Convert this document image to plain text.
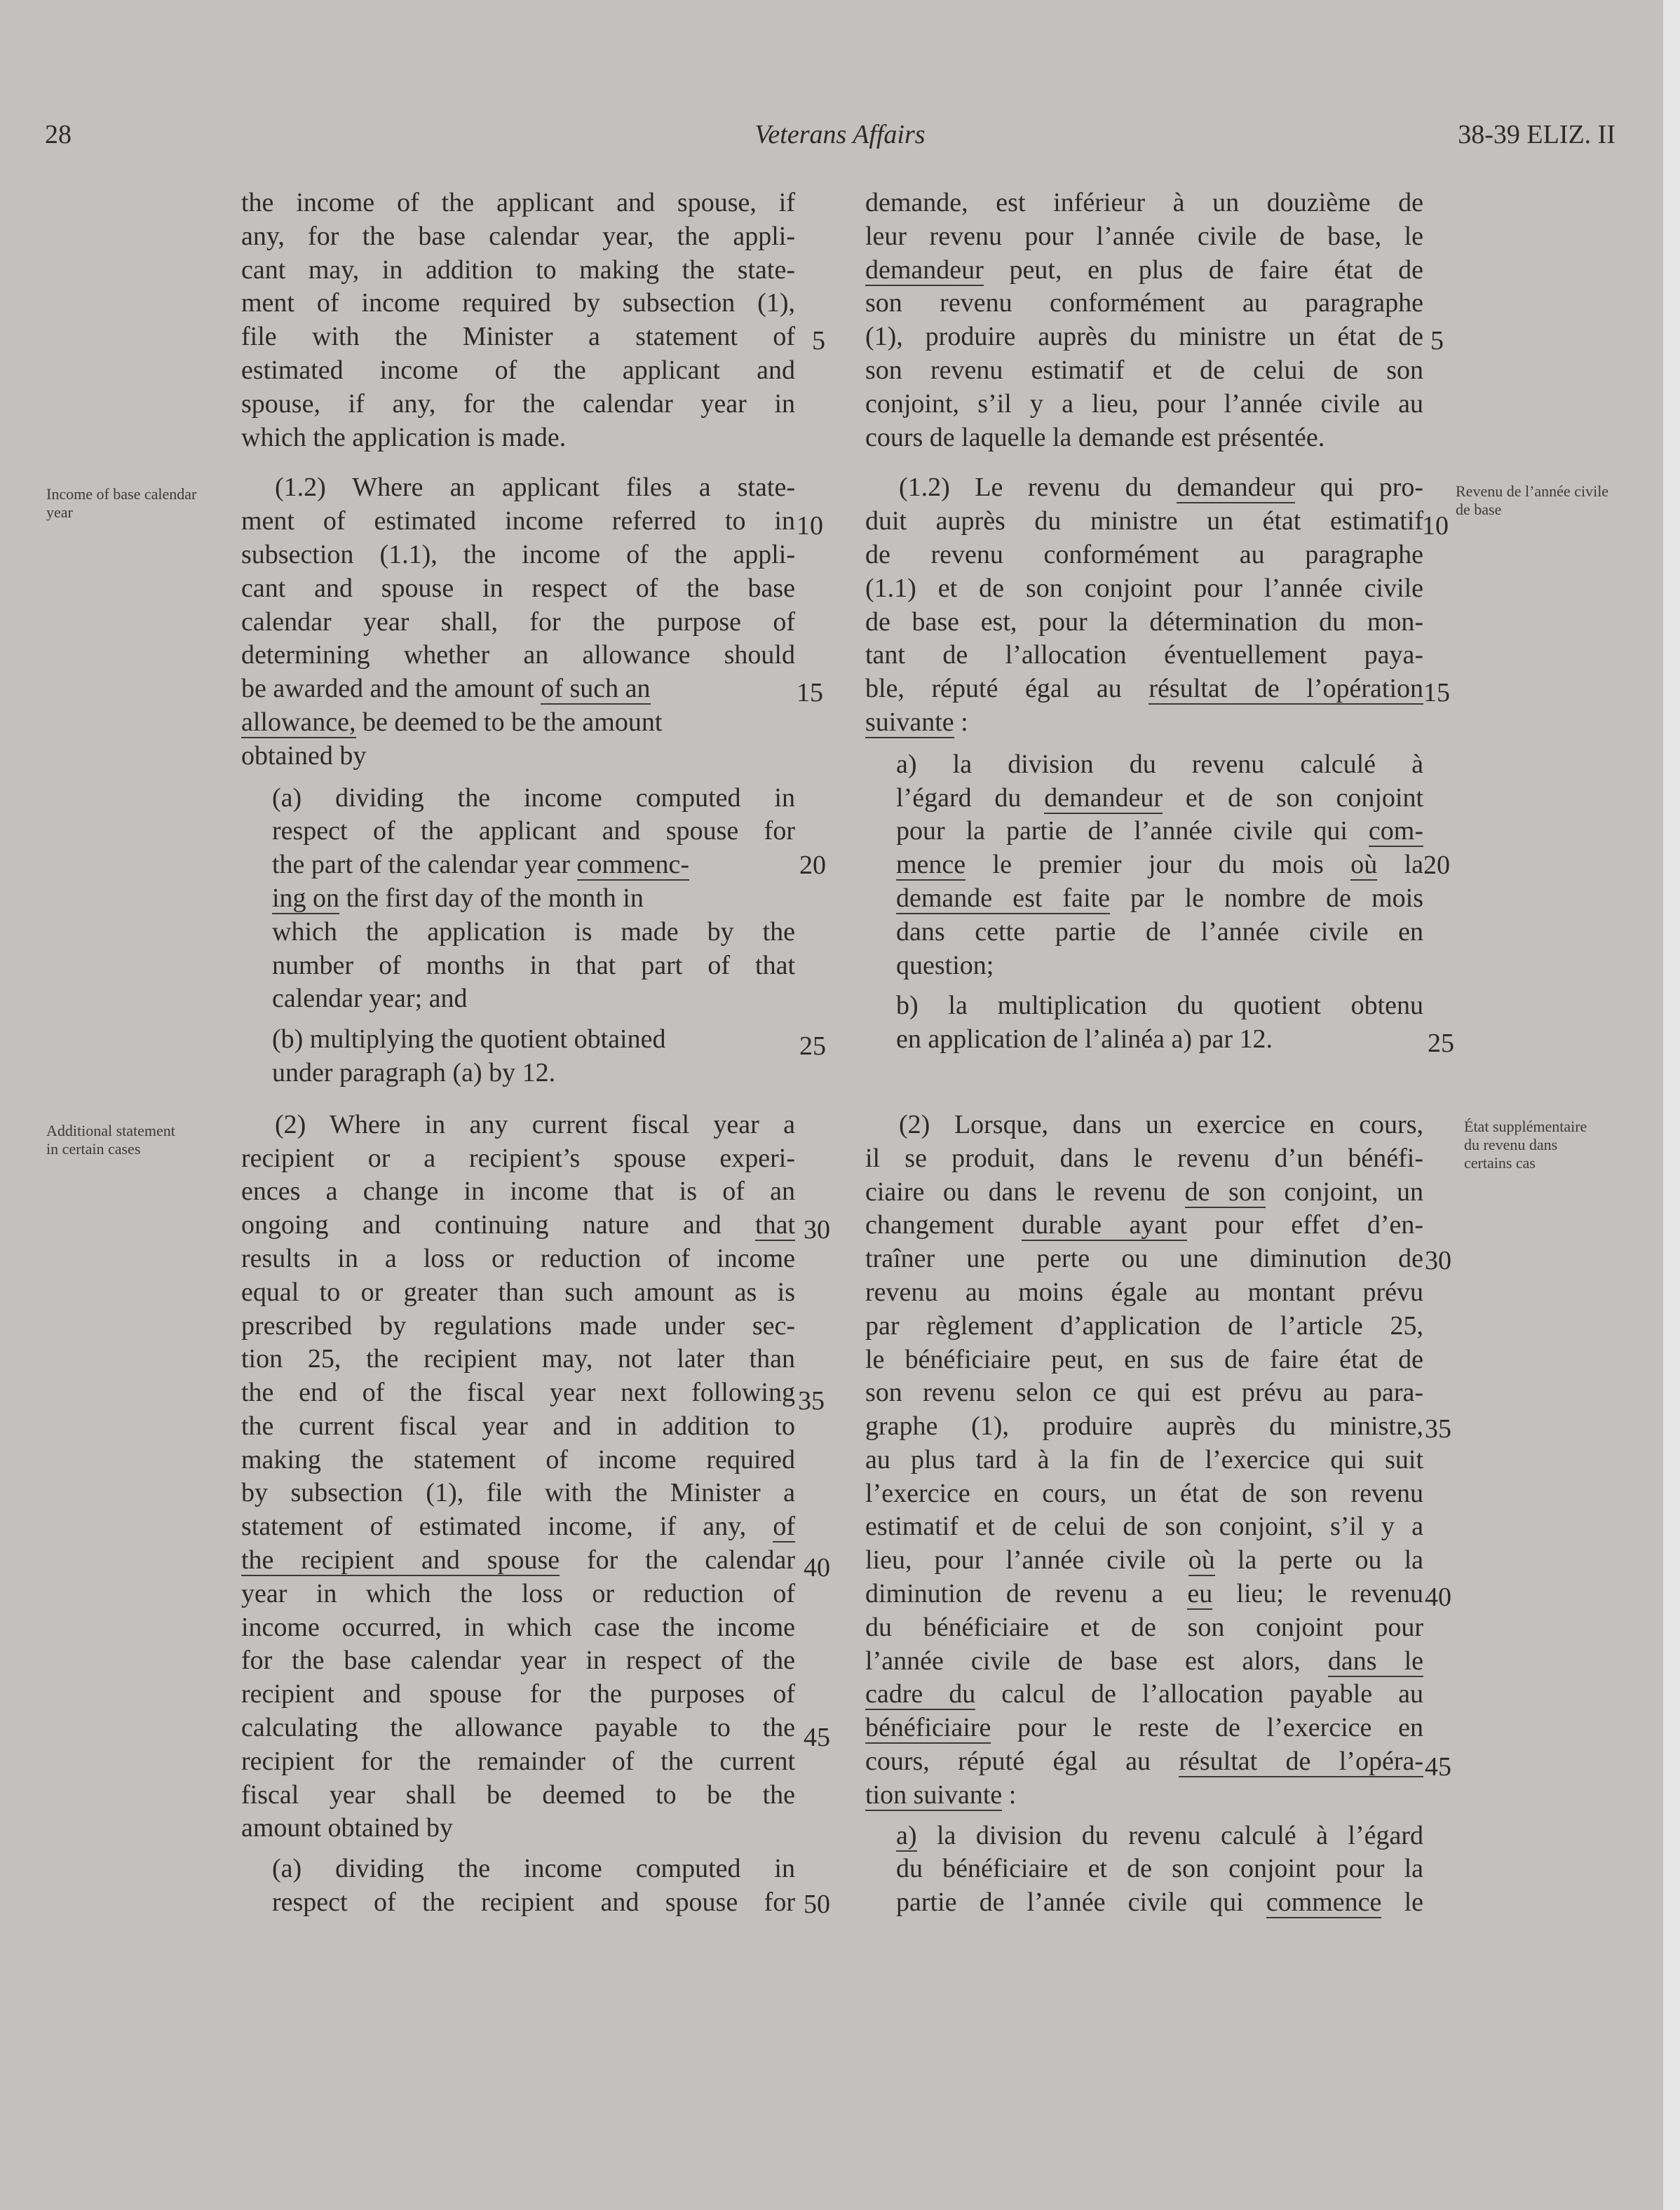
28	Veterans Affairs	38-39 ELIZ. II
Income of base calendar year
Additional statement in certain cases
Revenu de l’année civile de base
État supplémentaire du revenu dans certains cas
5
10
15
20
25
30
35
40
45
50
5
10
15
20
25
30
35
40
45
the income of the applicant and spouse, if
any, for the base calendar year, the appli-
cant may, in addition to making the state-
ment of income required by subsection (1),
file with the Minister a statement of
estimated income of the applicant and
spouse, if any, for the calendar year in
which the application is made.
(1.2) Where an applicant files a state-
ment of estimated income referred to in
subsection (1.1), the income of the appli-
cant and spouse in respect of the base
calendar year shall, for the purpose of
determining whether an allowance should
be awarded and the amount of such an
allowance, be deemed to be the amount
obtained by
(a) dividing the income computed in
respect of the applicant and spouse for
the part of the calendar year commenc-
ing on the first day of the month in
which the application is made by the
number of months in that part of that
calendar year; and
(b) multiplying the quotient obtained
under paragraph (a) by 12.
(2) Where in any current fiscal year a
recipient or a recipient’s spouse experi-
ences a change in income that is of an
ongoing and continuing nature and that
results in a loss or reduction of income
equal to or greater than such amount as is
prescribed by regulations made under sec-
tion 25, the recipient may, not later than
the end of the fiscal year next following
the current fiscal year and in addition to
making the statement of income required
by subsection (1), file with the Minister a
statement of estimated income, if any, of
the recipient and spouse for the calendar
year in which the loss or reduction of
income occurred, in which case the income
for the base calendar year in respect of the
recipient and spouse for the purposes of
calculating the allowance payable to the
recipient for the remainder of the current
fiscal year shall be deemed to be the
amount obtained by
(a) dividing the income computed in
respect of the recipient and spouse for
demande, est inférieur à un douzième de
leur revenu pour l’année civile de base, le
demandeur peut, en plus de faire état de
son revenu conformément au paragraphe
(1), produire auprès du ministre un état de
son revenu estimatif et de celui de son
conjoint, s’il y a lieu, pour l’année civile au
cours de laquelle la demande est présentée.
(1.2) Le revenu du demandeur qui pro-
duit auprès du ministre un état estimatif
de revenu conformément au paragraphe
(1.1) et de son conjoint pour l’année civile
de base est, pour la détermination du mon-
tant de l’allocation éventuellement paya-
ble, réputé égal au résultat de l’opération
suivante :
a) la division du revenu calculé à
l’égard du demandeur et de son conjoint
pour la partie de l’année civile qui com-
mence le premier jour du mois où la
demande est faite par le nombre de mois
dans cette partie de l’année civile en
question;
b) la multiplication du quotient obtenu
en application de l’alinéa a) par 12.
(2) Lorsque, dans un exercice en cours,
il se produit, dans le revenu d’un bénéfi-
ciaire ou dans le revenu de son conjoint, un
changement durable ayant pour effet d’en-
traîner une perte ou une diminution de
revenu au moins égale au montant prévu
par règlement d’application de l’article 25,
le bénéficiaire peut, en sus de faire état de
son revenu selon ce qui est prévu au para-
graphe (1), produire auprès du ministre,
au plus tard à la fin de l’exercice qui suit
l’exercice en cours, un état de son revenu
estimatif et de celui de son conjoint, s’il y a
lieu, pour l’année civile où la perte ou la
diminution de revenu a eu lieu; le revenu
du bénéficiaire et de son conjoint pour
l’année civile de base est alors, dans le
cadre du calcul de l’allocation payable au
bénéficiaire pour le reste de l’exercice en
cours, réputé égal au résultat de l’opéra-
tion suivante :
a) la division du revenu calculé à l’égard
du bénéficiaire et de son conjoint pour la
partie de l’année civile qui commence le
